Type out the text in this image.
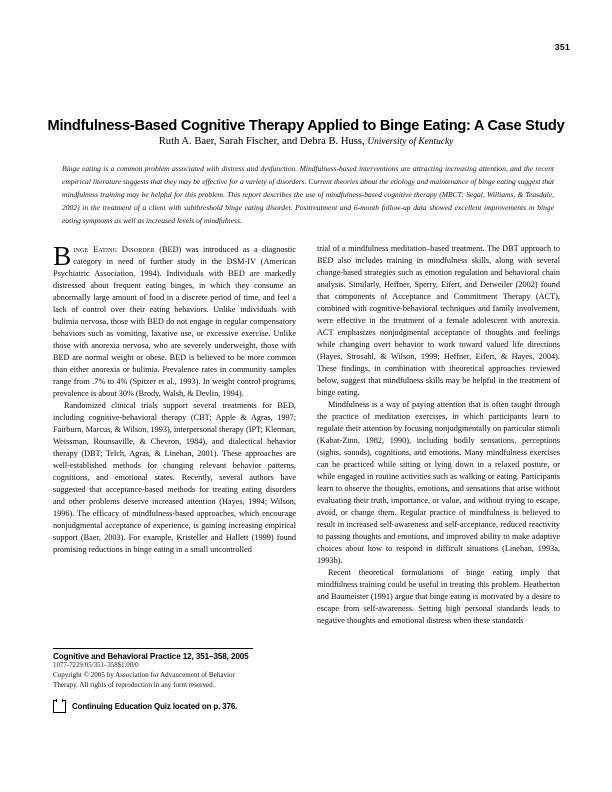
351
Mindfulness-Based Cognitive Therapy Applied to Binge Eating: A Case Study
Ruth A. Baer, Sarah Fischer, and Debra B. Huss, University of Kentucky
Binge eating is a common problem associated with distress and dysfunction. Mindfulness-based interventions are attracting increasing attention, and the recent empirical literature suggests that they may be effective for a variety of disorders. Current theories about the etiology and maintenance of binge eating suggest that mindfulness training may be helpful for this problem. This report describes the use of mindfulness-based cognitive therapy (MBCT; Segal, Williams, & Teasdale, 2002) in the treatment of a client with subthreshold binge eating disorder. Posttreatment and 6-month follow-up data showed excellent improvements in binge eating symptoms as well as increased levels of mindfulness.

Binge Eating Disorder (BED) was introduced as a diagnostic category in need of further study in the DSM-IV (American Psychiatric Association, 1994). Individuals with BED are markedly distressed about frequent eating binges, in which they consume an abnormally large amount of food in a discrete period of time, and feel a lack of control over their eating behaviors. Unlike individuals with bulimia nervosa, those with BED do not engage in regular compensatory behaviors such as vomiting, laxative use, or excessive exercise. Unlike those with anorexia nervosa, who are severely underweight, those with BED are normal weight or obese. BED is believed to be more common than either anorexia or bulimia. Prevalence rates in community samples range from .7% to 4% (Spitzer et al., 1993). In weight control programs, prevalence is about 30% (Brody, Walsh, & Devlin, 1994).

Randomized clinical trials support several treatments for BED, including cognitive-behavioral therapy (CBT; Apple & Agras, 1997; Fairburn, Marcus, & Wilson, 1993), interpersonal therapy (IPT; Klerman, Weissman, Rounsaville, & Chevron, 1984), and dialectical behavior therapy (DBT; Telch, Agras, & Linehan, 2001). These approaches are well-established methods for changing relevant behavior patterns, cognitions, and emotional states. Recently, several authors have suggested that acceptance-based methods for treating eating disorders and other problems deserve increased attention (Hayes, 1994; Wilson, 1996). The efficacy of mindfulness-based approaches, which encourage nonjudgmental acceptance of experience, is gaining increasing empirical support (Baer, 2003). For example, Kristeller and Hallett (1999) found promising reductions in binge eating in a small uncontrolled

trial of a mindfulness meditation–based treatment. The DBT approach to BED also includes training in mindfulness skills, along with several change-based strategies such as emotion regulation and behavioral chain analysis. Similarly, Heffner, Sperry, Eifert, and Detweiler (2002) found that components of Acceptance and Commitment Therapy (ACT), combined with cognitive-behavioral techniques and family involvement, were effective in the treatment of a female adolescent with anorexia. ACT emphasizes nonjudgmental acceptance of thoughts and feelings while changing overt behavior to work toward valued life directions (Hayes, Strosahl, & Wilson, 1999; Heffner, Eifert, & Hayes, 2004). These findings, in combination with theoretical approaches reviewed below, suggest that mindfulness skills may be helpful in the treatment of binge eating.

Mindfulness is a way of paying attention that is often taught through the practice of meditation exercises, in which participants learn to regulate their attention by focusing nonjudgmentally on particular stimuli (Kabat-Zinn, 1982, 1990), including bodily sensations, perceptions (sights, sounds), cognitions, and emotions. Many mindfulness exercises can be practiced while sitting or lying down in a relaxed posture, or while engaged in routine activities such as walking or eating. Participants learn to observe the thoughts, emotions, and sensations that arise without evaluating their truth, importance, or value, and without trying to escape, avoid, or change them. Regular practice of mindfulness is believed to result in increased self-awareness and self-acceptance, reduced reactivity to passing thoughts and emotions, and improved ability to make adaptive choices about how to respond in difficult situations (Linehan, 1993a, 1993b).

Recent theoretical formulations of binge eating imply that mindfulness training could be useful in treating this problem. Heatherton and Baumeister (1991) argue that binge eating is motivated by a desire to escape from self-awareness. Setting high personal standards leads to negative thoughts and emotional distress when these standards

Cognitive and Behavioral Practice 12, 351–358, 2005
1077-7229/05/351–358$1.00/0
Copyright © 2005 by Association for Advancement of Behavior
Therapy. All rights of reproduction in any form reserved.
Continuing Education Quiz located on p. 376.
